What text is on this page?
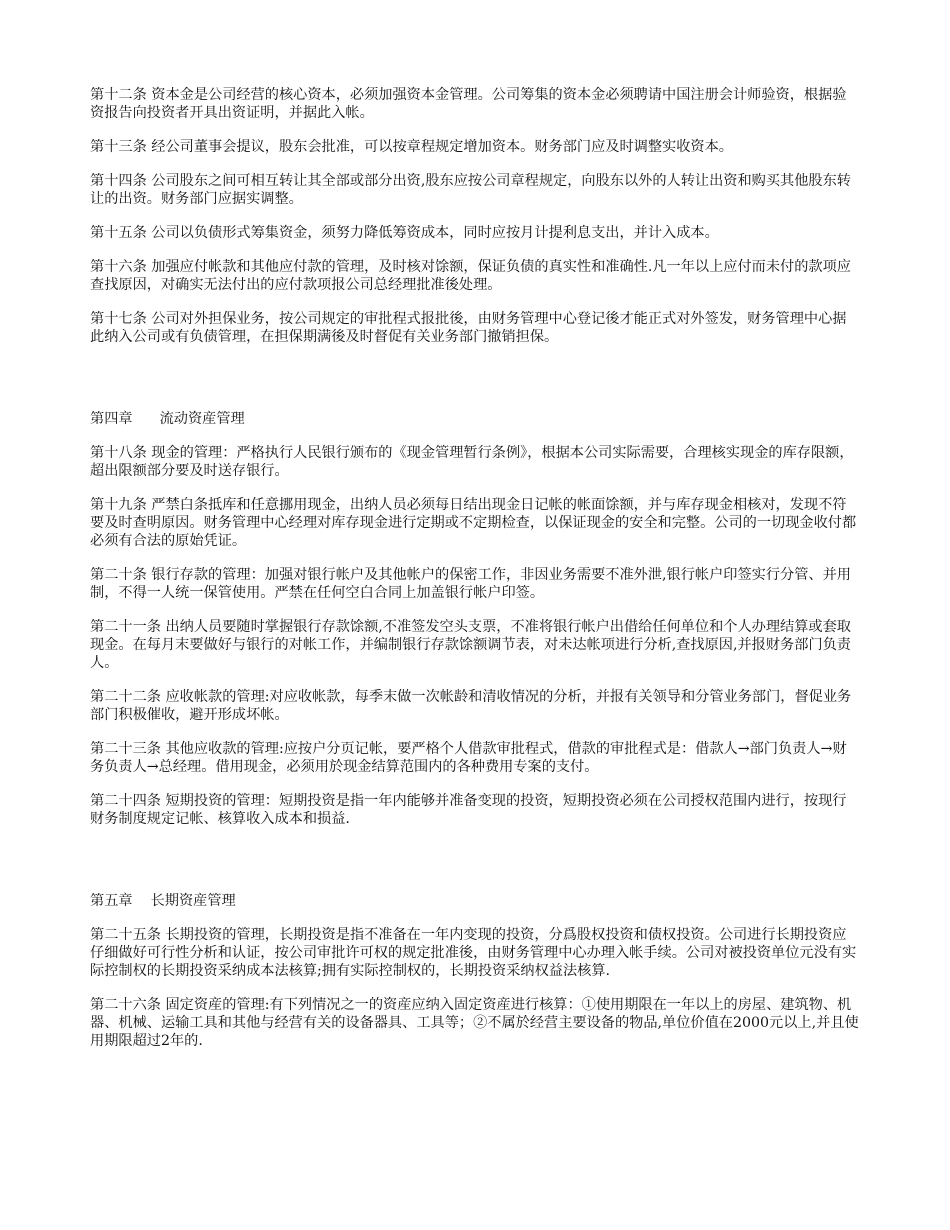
第十二条 资本金是公司经营的核心资本，必须加强资本金管理。公司筹集的资本金必须聘请中国注册会计师验资，根据验资报告向投资者开具出资证明，并据此入帐。

第十三条 经公司董事会提议，股东会批准，可以按章程规定增加资本。财务部门应及时调整实收资本。

第十四条 公司股东之间可相互转让其全部或部分出资,股东应按公司章程规定，向股东以外的人转让出资和购买其他股东转让的出资。财务部门应据实调整。

第十五条 公司以负债形式筹集资金，须努力降低筹资成本，同时应按月计提利息支出，并计入成本。

第十六条 加强应付帐款和其他应付款的管理，及时核对馀额，保证负债的真实性和准确性.凡一年以上应付而未付的款项应查找原因，对确实无法付出的应付款项报公司总经理批准後处理。

第十七条 公司对外担保业务，按公司规定的审批程式报批後，由财务管理中心登记後才能正式对外签发，财务管理中心据此纳入公司或有负债管理，在担保期满後及时督促有关业务部门撤销担保。

第四章      流动资産管理

第十八条 现金的管理：严格执行人民银行颁布的《现金管理暂行条例》，根据本公司实际需要，合理核实现金的库存限额，超出限额部分要及时送存银行。

第十九条 严禁白条抵库和任意挪用现金，出纳人员必须每日结出现金日记帐的帐面馀额，并与库存现金相核对，发现不符要及时查明原因。财务管理中心经理对库存现金进行定期或不定期检查，以保证现金的安全和完整。公司的一切现金收付都必须有合法的原始凭证。

第二十条 银行存款的管理：加强对银行帐户及其他帐户的保密工作，非因业务需要不准外泄,银行帐户印签实行分管、并用制，不得一人统一保管使用。严禁在任何空白合同上加盖银行帐户印签。

第二十一条 出纳人员要随时掌握银行存款馀额,不准签发空头支票，不准将银行帐户出借给任何单位和个人办理结算或套取现金。在每月末要做好与银行的对帐工作，并编制银行存款馀额调节表，对未达帐项进行分析,查找原因,并报财务部门负责人。

第二十二条 应收帐款的管理:对应收帐款，每季末做一次帐龄和清收情况的分析，并报有关领导和分管业务部门，督促业务部门积极催收，避开形成坏帐。

第二十三条 其他应收款的管理:应按户分页记帐，要严格个人借款审批程式，借款的审批程式是：借款人→部门负责人→财务负责人→总经理。借用现金，必须用於现金结算范围内的各种费用专案的支付。

第二十四条 短期投资的管理：短期投资是指一年内能够并准备变现的投资，短期投资必须在公司授权范围内进行，按现行财务制度规定记帐、核算收入成本和损益.

第五章    长期资産管理

第二十五条 长期投资的管理，长期投资是指不准备在一年内变现的投资，分爲股权投资和债权投资。公司进行长期投资应仔细做好可行性分析和认证，按公司审批许可权的规定批准後，由财务管理中心办理入帐手续。公司对被投资单位元没有实际控制权的长期投资采纳成本法核算;拥有实际控制权的，长期投资采纳权益法核算.

第二十六条 固定资産的管理:有下列情况之一的资産应纳入固定资産进行核算：①使用期限在一年以上的房屋、建筑物、机器、机械、运输工具和其他与经营有关的设备器具、工具等；②不属於经营主要设备的物品,单位价值在2000元以上,并且使用期限超过2年的.
